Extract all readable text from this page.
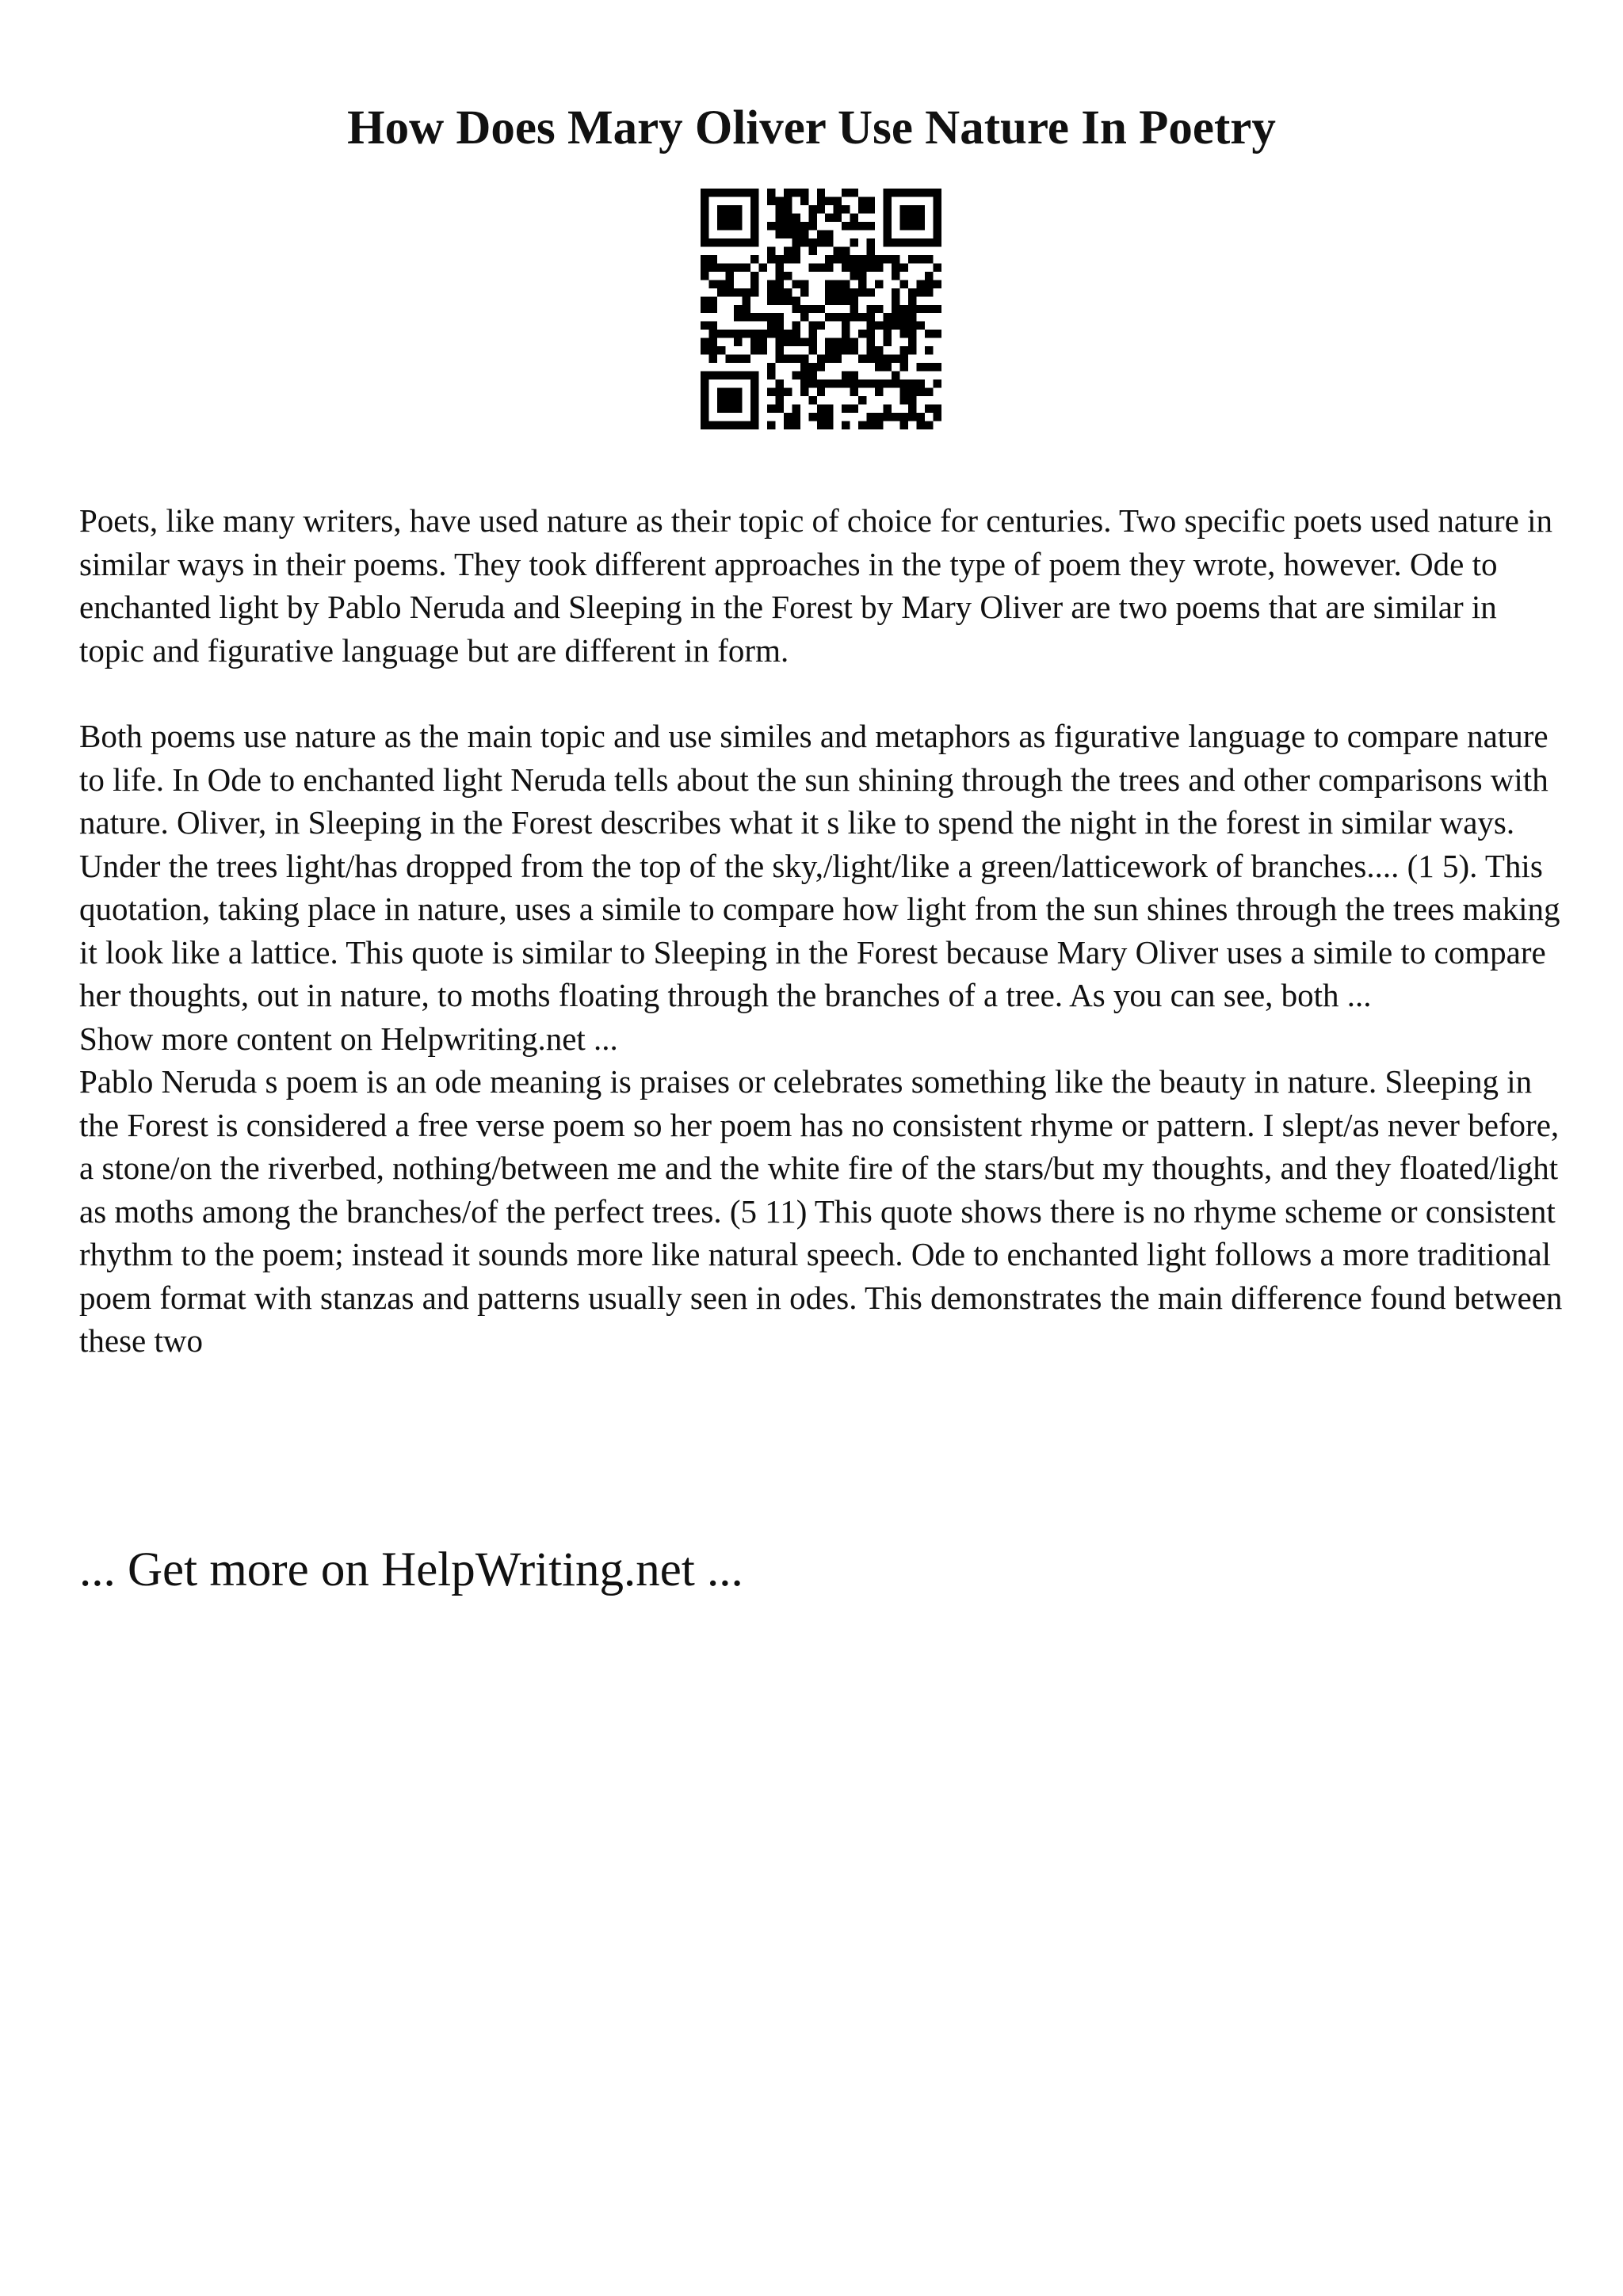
How Does Mary Oliver Use Nature In Poetry

Poets, like many writers, have used nature as their topic of choice for centuries. Two specific poets used nature in similar ways in their poems. They took different approaches in the type of poem they wrote, however. Ode to enchanted light by Pablo Neruda and Sleeping in the Forest by Mary Oliver are two poems that are similar in topic and figurative language but are different in form.

Both poems use nature as the main topic and use similes and metaphors as figurative language to compare nature to life. In Ode to enchanted light Neruda tells about the sun shining through the trees and other comparisons with nature. Oliver, in Sleeping in the Forest describes what it s like to spend the night in the forest in similar ways. Under the trees light/has dropped from the top of the sky,/light/like a green/latticework of branches.... (1 5). This quotation, taking place in nature, uses a simile to compare how light from the sun shines through the trees making it look like a lattice. This quote is similar to Sleeping in the Forest because Mary Oliver uses a simile to compare her thoughts, out in nature, to moths floating through the branches of a tree. As you can see, both ...

Show more content on Helpwriting.net ...

Pablo Neruda s poem is an ode meaning is praises or celebrates something like the beauty in nature. Sleeping in the Forest is considered a free verse poem so her poem has no consistent rhyme or pattern. I slept/as never before, a stone/on the riverbed, nothing/between me and the white fire of the stars/but my thoughts, and they floated/light as moths among the branches/of the perfect trees. (5 11) This quote shows there is no rhyme scheme or consistent rhythm to the poem; instead it sounds more like natural speech. Ode to enchanted light follows a more traditional poem format with stanzas and patterns usually seen in odes. This demonstrates the main difference found between these two

... Get more on HelpWriting.net ...
